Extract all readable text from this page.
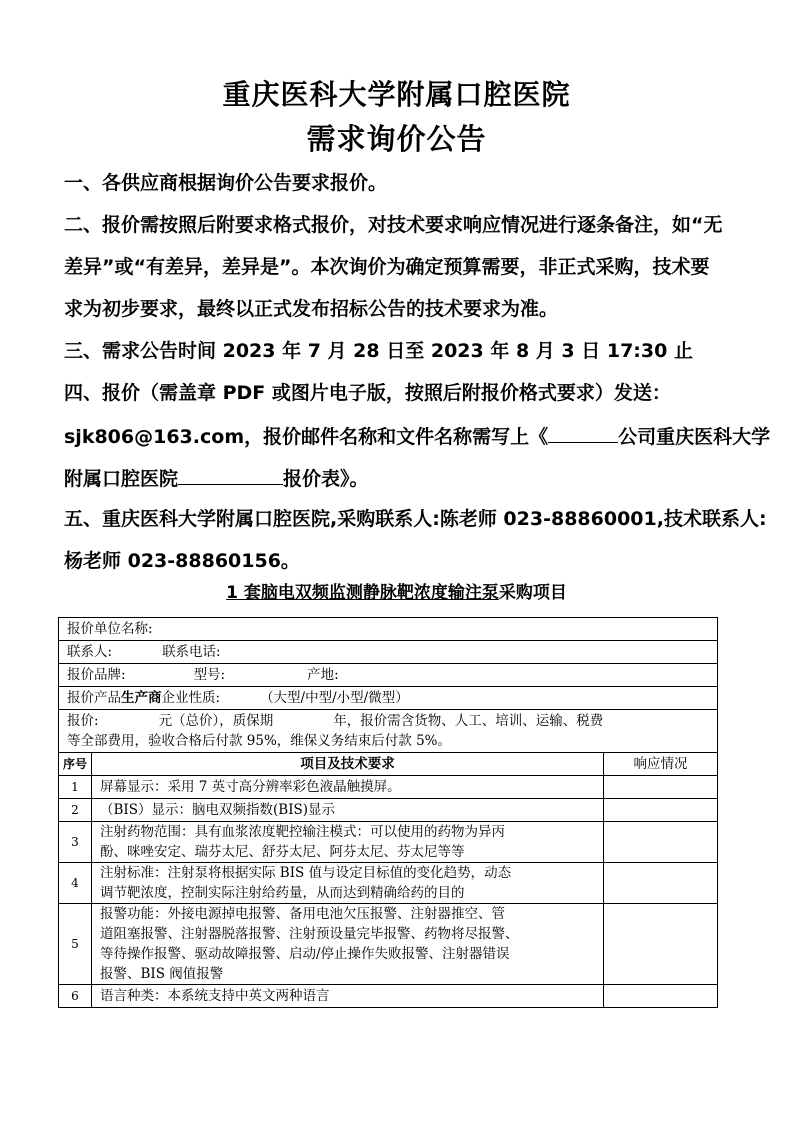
重庆医科大学附属口腔医院
需求询价公告
一、各供应商根据询价公告要求报价。
二、报价需按照后附要求格式报价，对技术要求响应情况进行逐条备注，如“无
差异”或“有差异，差异是”。本次询价为确定预算需要，非正式采购，技术要
求为初步要求，最终以正式发布招标公告的技术要求为准。
三、需求公告时间 2023 年 7 月 28 日至 2023 年 8 月 3 日 17:30 止
四、报价（需盖章 PDF 或图片电子版，按照后附报价格式要求）发送：
sjk806@163.com，报价邮件名称和文件名称需写上《	公司重庆医科大学
附属口腔医院	报价表》。
五、重庆医科大学附属口腔医院,采购联系人:陈老师 023-88860001,技术联系人:
杨老师 023-88860156。
1 套脑电双频监测静脉靶浓度输注泵采购项目
报价单位名称:		
联系人: 联系电话:		
报价品牌: 型号: 产地:		
报价产品生产商企业性质: （大型/中型/小型/微型）		

报价: 元（总价），质保期 年，报价需含货物、人工、培训、运输、税费
等全部费用，验收合格后付款 95%，维保义务结束后付款 5%。		

序号	项目及技术要求	响应情况
1	屏幕显示：采用 7 英寸高分辨率彩色液晶触摸屏。	

2	（BIS）显示：脑电双频指数(BIS)显示	

3	注射药物范围：具有血浆浓度靶控输注模式：可以使用的药物为异丙
酚、咪唑安定、瑞芬太尼、舒芬太尼、阿芬太尼、芬太尼等等	

4	注射标准：注射泵将根据实际 BIS 值与设定目标值的变化趋势，动态
调节靶浓度，控制实际注射给药量，从而达到精确给药的目的	

5	报警功能：外接电源掉电报警、备用电池欠压报警、注射器推空、管
道阻塞报警、注射器脱落报警、注射预设量完毕报警、药物将尽报警、
等待操作报警、驱动故障报警、启动/停止操作失败报警、注射器错误
报警、BIS 阀值报警	

6	语言种类：本系统支持中英文两种语言	
